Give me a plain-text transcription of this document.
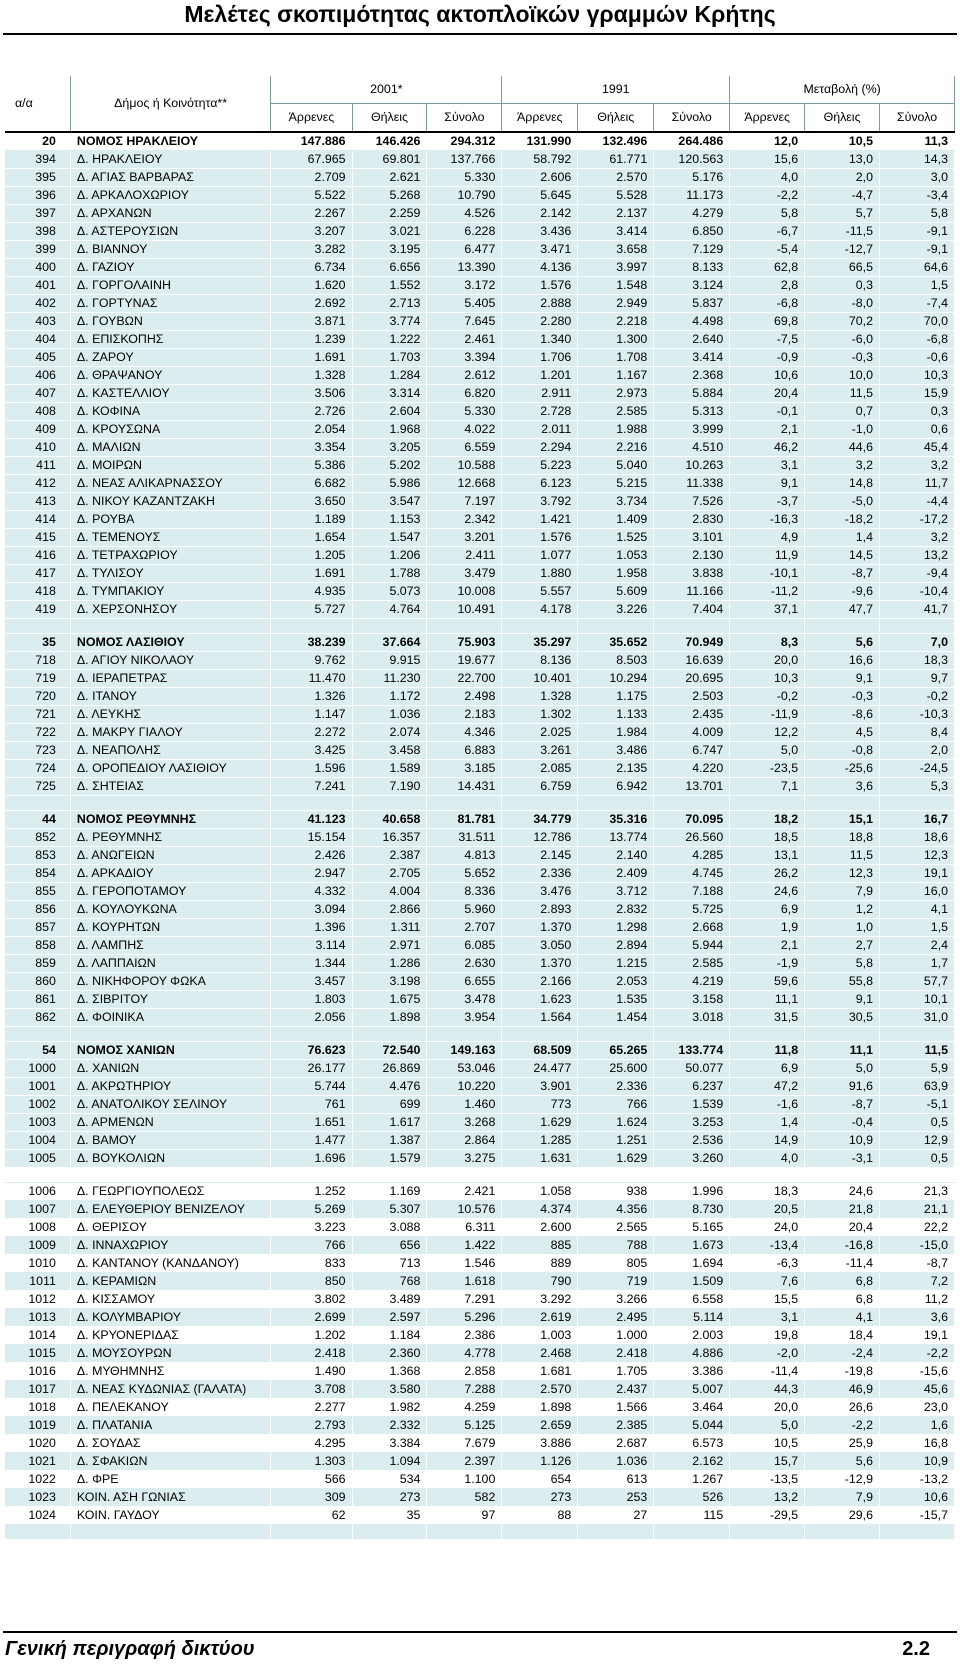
Μελέτες σκοπιμότητας ακτοπλοϊκών γραμμών Κρήτης
α/α	Δήμος ή Κοινότητα**	2001*			1991			Μεταβολή (%)		
		Άρρενες	Θήλεις	Σύνολο	Άρρενες	Θήλεις	Σύνολο	Άρρενες	Θήλεις	Σύνολο
20	ΝΟΜΟΣ ΗΡΑΚΛΕΙΟΥ	147.886	146.426	294.312	131.990	132.496	264.486	12,0	10,5	11,3
394	Δ. ΗΡΑΚΛΕΙΟΥ	67.965	69.801	137.766	58.792	61.771	120.563	15,6	13,0	14,3
395	Δ. ΑΓΙΑΣ ΒΑΡΒΑΡΑΣ	2.709	2.621	5.330	2.606	2.570	5.176	4,0	2,0	3,0
396	Δ. ΑΡΚΑΛΟΧΩΡΙΟΥ	5.522	5.268	10.790	5.645	5.528	11.173	-2,2	-4,7	-3,4
397	Δ. ΑΡΧΑΝΩΝ	2.267	2.259	4.526	2.142	2.137	4.279	5,8	5,7	5,8
398	Δ. ΑΣΤΕΡΟΥΣΙΩΝ	3.207	3.021	6.228	3.436	3.414	6.850	-6,7	-11,5	-9,1
399	Δ. ΒΙΑΝΝΟΥ	3.282	3.195	6.477	3.471	3.658	7.129	-5,4	-12,7	-9,1
400	Δ. ΓΑΖΙΟΥ	6.734	6.656	13.390	4.136	3.997	8.133	62,8	66,5	64,6
401	Δ. ΓΟΡΓΟΛΑΙΝΗ	1.620	1.552	3.172	1.576	1.548	3.124	2,8	0,3	1,5
402	Δ. ΓΟΡΤΥΝΑΣ	2.692	2.713	5.405	2.888	2.949	5.837	-6,8	-8,0	-7,4
403	Δ. ΓΟΥΒΩΝ	3.871	3.774	7.645	2.280	2.218	4.498	69,8	70,2	70,0
404	Δ. ΕΠΙΣΚΟΠΗΣ	1.239	1.222	2.461	1.340	1.300	2.640	-7,5	-6,0	-6,8
405	Δ. ΖΑΡΟΥ	1.691	1.703	3.394	1.706	1.708	3.414	-0,9	-0,3	-0,6
406	Δ. ΘΡΑΨΑΝΟΥ	1.328	1.284	2.612	1.201	1.167	2.368	10,6	10,0	10,3
407	Δ. ΚΑΣΤΕΛΛΙΟΥ	3.506	3.314	6.820	2.911	2.973	5.884	20,4	11,5	15,9
408	Δ. ΚΟΦΙΝΑ	2.726	2.604	5.330	2.728	2.585	5.313	-0,1	0,7	0,3
409	Δ. ΚΡΟΥΣΩΝΑ	2.054	1.968	4.022	2.011	1.988	3.999	2,1	-1,0	0,6
410	Δ. ΜΑΛΙΩΝ	3.354	3.205	6.559	2.294	2.216	4.510	46,2	44,6	45,4
411	Δ. ΜΟΙΡΩΝ	5.386	5.202	10.588	5.223	5.040	10.263	3,1	3,2	3,2
412	Δ. ΝΕΑΣ ΑΛΙΚΑΡΝΑΣΣΟΥ	6.682	5.986	12.668	6.123	5.215	11.338	9,1	14,8	11,7
413	Δ. ΝΙΚΟΥ ΚΑΖΑΝΤΖΑΚΗ	3.650	3.547	7.197	3.792	3.734	7.526	-3,7	-5,0	-4,4
414	Δ. ΡΟΥΒΑ	1.189	1.153	2.342	1.421	1.409	2.830	-16,3	-18,2	-17,2
415	Δ. ΤΕΜΕΝΟΥΣ	1.654	1.547	3.201	1.576	1.525	3.101	4,9	1,4	3,2
416	Δ. ΤΕΤΡΑΧΩΡΙΟΥ	1.205	1.206	2.411	1.077	1.053	2.130	11,9	14,5	13,2
417	Δ. ΤΥΛΙΣΟΥ	1.691	1.788	3.479	1.880	1.958	3.838	-10,1	-8,7	-9,4
418	Δ. ΤΥΜΠΑΚΙΟΥ	4.935	5.073	10.008	5.557	5.609	11.166	-11,2	-9,6	-10,4
419	Δ. ΧΕΡΣΟΝΗΣΟΥ	5.727	4.764	10.491	4.178	3.226	7.404	37,1	47,7	41,7

35	ΝΟΜΟΣ ΛΑΣΙΘΙΟΥ	38.239	37.664	75.903	35.297	35.652	70.949	8,3	5,6	7,0
718	Δ. ΑΓΙΟΥ ΝΙΚΟΛΑΟΥ	9.762	9.915	19.677	8.136	8.503	16.639	20,0	16,6	18,3
719	Δ. ΙΕΡΑΠΕΤΡΑΣ	11.470	11.230	22.700	10.401	10.294	20.695	10,3	9,1	9,7
720	Δ. ΙΤΑΝΟΥ	1.326	1.172	2.498	1.328	1.175	2.503	-0,2	-0,3	-0,2
721	Δ. ΛΕΥΚΗΣ	1.147	1.036	2.183	1.302	1.133	2.435	-11,9	-8,6	-10,3
722	Δ. ΜΑΚΡΥ ΓΙΑΛΟΥ	2.272	2.074	4.346	2.025	1.984	4.009	12,2	4,5	8,4
723	Δ. ΝΕΑΠΟΛΗΣ	3.425	3.458	6.883	3.261	3.486	6.747	5,0	-0,8	2,0
724	Δ. ΟΡΟΠΕΔΙΟΥ ΛΑΣΙΘΙΟΥ	1.596	1.589	3.185	2.085	2.135	4.220	-23,5	-25,6	-24,5
725	Δ. ΣΗΤΕΙΑΣ	7.241	7.190	14.431	6.759	6.942	13.701	7,1	3,6	5,3

44	ΝΟΜΟΣ ΡΕΘΥΜΝΗΣ	41.123	40.658	81.781	34.779	35.316	70.095	18,2	15,1	16,7
852	Δ. ΡΕΘΥΜΝΗΣ	15.154	16.357	31.511	12.786	13.774	26.560	18,5	18,8	18,6
853	Δ. ΑΝΩΓΕΙΩΝ	2.426	2.387	4.813	2.145	2.140	4.285	13,1	11,5	12,3
854	Δ. ΑΡΚΑΔΙΟΥ	2.947	2.705	5.652	2.336	2.409	4.745	26,2	12,3	19,1
855	Δ. ΓΕΡΟΠΟΤΑΜΟΥ	4.332	4.004	8.336	3.476	3.712	7.188	24,6	7,9	16,0
856	Δ. ΚΟΥΛΟΥΚΩΝΑ	3.094	2.866	5.960	2.893	2.832	5.725	6,9	1,2	4,1
857	Δ. ΚΟΥΡΗΤΩΝ	1.396	1.311	2.707	1.370	1.298	2.668	1,9	1,0	1,5
858	Δ. ΛΑΜΠΗΣ	3.114	2.971	6.085	3.050	2.894	5.944	2,1	2,7	2,4
859	Δ. ΛΑΠΠΑΙΩΝ	1.344	1.286	2.630	1.370	1.215	2.585	-1,9	5,8	1,7
860	Δ. ΝΙΚΗΦΟΡΟΥ ΦΩΚΑ	3.457	3.198	6.655	2.166	2.053	4.219	59,6	55,8	57,7
861	Δ. ΣΙΒΡΙΤΟΥ	1.803	1.675	3.478	1.623	1.535	3.158	11,1	9,1	10,1
862	Δ. ΦΟΙΝΙΚΑ	2.056	1.898	3.954	1.564	1.454	3.018	31,5	30,5	31,0

54	ΝΟΜΟΣ ΧΑΝΙΩΝ	76.623	72.540	149.163	68.509	65.265	133.774	11,8	11,1	11,5
1000	Δ. ΧΑΝΙΩΝ	26.177	26.869	53.046	24.477	25.600	50.077	6,9	5,0	5,9
1001	Δ. ΑΚΡΩΤΗΡΙΟΥ	5.744	4.476	10.220	3.901	2.336	6.237	47,2	91,6	63,9
1002	Δ. ΑΝΑΤΟΛΙΚΟΥ ΣΕΛΙΝΟΥ	761	699	1.460	773	766	1.539	-1,6	-8,7	-5,1
1003	Δ. ΑΡΜΕΝΩΝ	1.651	1.617	3.268	1.629	1.624	3.253	1,4	-0,4	0,5
1004	Δ. ΒΑΜΟΥ	1.477	1.387	2.864	1.285	1.251	2.536	14,9	10,9	12,9
1005	Δ. ΒΟΥΚΟΛΙΩΝ	1.696	1.579	3.275	1.631	1.629	3.260	4,0	-3,1	0,5

1006	Δ. ΓΕΩΡΓΙΟΥΠΟΛΕΩΣ	1.252	1.169	2.421	1.058	938	1.996	18,3	24,6	21,3
1007	Δ. ΕΛΕΥΘΕΡΙΟΥ ΒΕΝΙΖΕΛΟΥ	5.269	5.307	10.576	4.374	4.356	8.730	20,5	21,8	21,1
1008	Δ. ΘΕΡΙΣΟΥ	3.223	3.088	6.311	2.600	2.565	5.165	24,0	20,4	22,2
1009	Δ. ΙΝΝΑΧΩΡΙΟΥ	766	656	1.422	885	788	1.673	-13,4	-16,8	-15,0
1010	Δ. ΚΑΝΤΑΝΟΥ (ΚΑΝΔΑΝΟΥ)	833	713	1.546	889	805	1.694	-6,3	-11,4	-8,7
1011	Δ. ΚΕΡΑΜΙΩΝ	850	768	1.618	790	719	1.509	7,6	6,8	7,2
1012	Δ. ΚΙΣΣΑΜΟΥ	3.802	3.489	7.291	3.292	3.266	6.558	15,5	6,8	11,2
1013	Δ. ΚΟΛΥΜΒΑΡΙΟΥ	2.699	2.597	5.296	2.619	2.495	5.114	3,1	4,1	3,6
1014	Δ. ΚΡΥΟΝΕΡΙΔΑΣ	1.202	1.184	2.386	1.003	1.000	2.003	19,8	18,4	19,1
1015	Δ. ΜΟΥΣΟΥΡΩΝ	2.418	2.360	4.778	2.468	2.418	4.886	-2,0	-2,4	-2,2
1016	Δ. ΜΥΘΗΜΝΗΣ	1.490	1.368	2.858	1.681	1.705	3.386	-11,4	-19,8	-15,6
1017	Δ. ΝΕΑΣ ΚΥΔΩΝΙΑΣ (ΓΑΛΑΤΑ)	3.708	3.580	7.288	2.570	2.437	5.007	44,3	46,9	45,6
1018	Δ. ΠΕΛΕΚΑΝΟΥ	2.277	1.982	4.259	1.898	1.566	3.464	20,0	26,6	23,0
1019	Δ. ΠΛΑΤΑΝΙΑ	2.793	2.332	5.125	2.659	2.385	5.044	5,0	-2,2	1,6
1020	Δ. ΣΟΥΔΑΣ	4.295	3.384	7.679	3.886	2.687	6.573	10,5	25,9	16,8
1021	Δ. ΣΦΑΚΙΩΝ	1.303	1.094	2.397	1.126	1.036	2.162	15,7	5,6	10,9
1022	Δ. ΦΡΕ	566	534	1.100	654	613	1.267	-13,5	-12,9	-13,2
1023	ΚΟΙΝ. ΑΣΗ ΓΩΝΙΑΣ	309	273	582	273	253	526	13,2	7,9	10,6
1024	ΚΟΙΝ. ΓΑΥΔΟΥ	62	35	97	88	27	115	-29,5	29,6	-15,7

Γενική περιγραφή δικτύου	2.2
